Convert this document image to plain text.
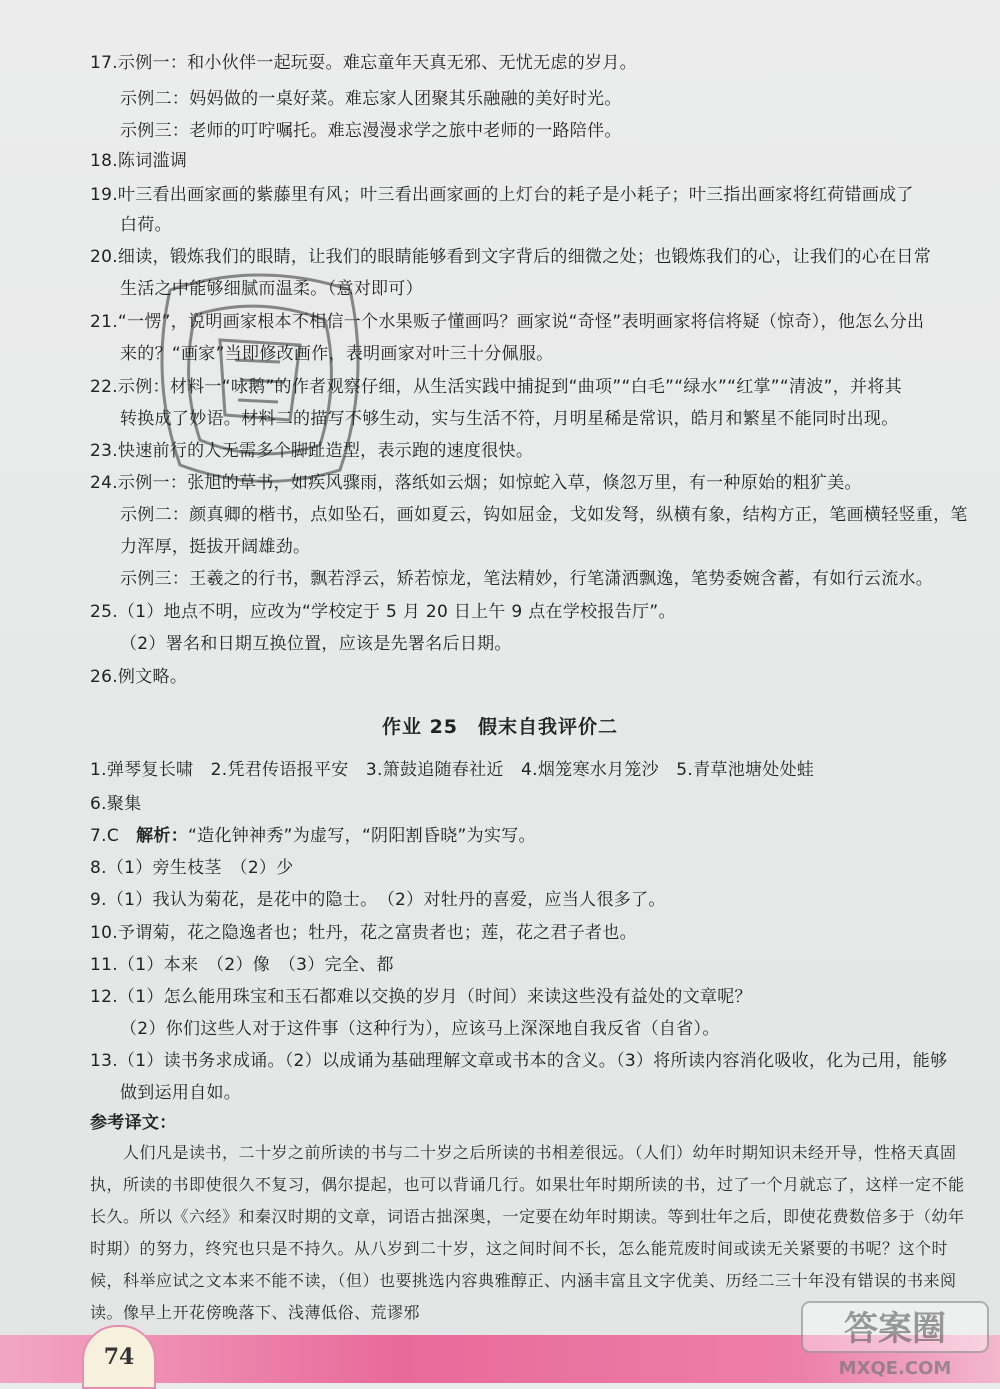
17.示例一：和小伙伴一起玩耍。难忘童年天真无邪、无忧无虑的岁月。
示例二：妈妈做的一桌好菜。难忘家人团聚其乐融融的美好时光。
示例三：老师的叮咛嘱托。难忘漫漫求学之旅中老师的一路陪伴。
18.陈词滥调
19.叶三看出画家画的紫藤里有风；叶三看出画家画的上灯台的耗子是小耗子；叶三指出画家将红荷错画成了
白荷。
20.细读，锻炼我们的眼睛，让我们的眼睛能够看到文字背后的细微之处；也锻炼我们的心，让我们的心在日常
生活之中能够细腻而温柔。（意对即可）
21.“一愣”，说明画家根本不相信一个水果贩子懂画吗？画家说“奇怪”表明画家将信将疑（惊奇），他怎么分出
来的？“画家”当即修改画作，表明画家对叶三十分佩服。
22.示例：材料一“咏鹅”的作者观察仔细，从生活实践中捕捉到“曲项”“白毛”“绿水”“红掌”“清波”，并将其
转换成了妙语。材料二的描写不够生动，实与生活不符，月明星稀是常识，皓月和繁星不能同时出现。
23.快速前行的人无需多个脚趾造型，表示跑的速度很快。
24.示例一：张旭的草书，如疾风骤雨，落纸如云烟；如惊蛇入草，倏忽万里，有一种原始的粗犷美。
示例二：颜真卿的楷书，点如坠石，画如夏云，钩如屈金，戈如发弩，纵横有象，结构方正，笔画横轻竖重，笔
力浑厚，挺拔开阔雄劲。
示例三：王羲之的行书，飘若浮云，矫若惊龙，笔法精妙，行笔潇洒飘逸，笔势委婉含蓄，有如行云流水。
25.（1）地点不明，应改为“学校定于 5 月 20 日上午 9 点在学校报告厅”。
（2）署名和日期互换位置，应该是先署名后日期。
26.例文略。
作业 25　假末自我评价二
1.弹琴复长啸　2.凭君传语报平安　3.箫鼓追随春社近　4.烟笼寒水月笼沙　5.青草池塘处处蛙
6.聚集
7.C 解析：“造化钟神秀”为虚写，“阴阳割昏晓”为实写。
8.（1）旁生枝茎　（2）少
9.（1）我认为菊花，是花中的隐士。　（2）对牡丹的喜爱，应当人很多了。
10.予谓菊，花之隐逸者也；牡丹，花之富贵者也；莲，花之君子者也。
11.（1）本来　（2）像　（3）完全、都
12.（1）怎么能用珠宝和玉石都难以交换的岁月（时间）来读这些没有益处的文章呢？
（2）你们这些人对于这件事（这种行为），应该马上深深地自我反省（自省）。
13.（1）读书务求成诵。（2）以成诵为基础理解文章或书本的含义。（3）将所读内容消化吸收，化为己用，能够
做到运用自如。
参考译文：
　　人们凡是读书，二十岁之前所读的书与二十岁之后所读的书相差很远。（人们）幼年时期知识未经开导，性格天真固执，所读的书即使很久不复习，偶尔提起，也可以背诵几行。如果壮年时期所读的书，过了一个月就忘了，这样一定不能长久。所以《六经》和秦汉时期的文章，词语古拙深奥，一定要在幼年时期读。等到壮年之后，即使花费数倍多于（幼年时期）的努力，终究也只是不持久。从八岁到二十岁，这之间时间不长，怎么能荒废时间或读无关紧要的书呢？这个时候，科举应试之文本来不能不读，（但）也要挑选内容典雅醇正、内涵丰富且文字优美、历经二三十年没有错误的书来阅读。像早上开花傍晚落下、浅薄低俗、荒谬邪
74
答案圈
MXQE.COM
